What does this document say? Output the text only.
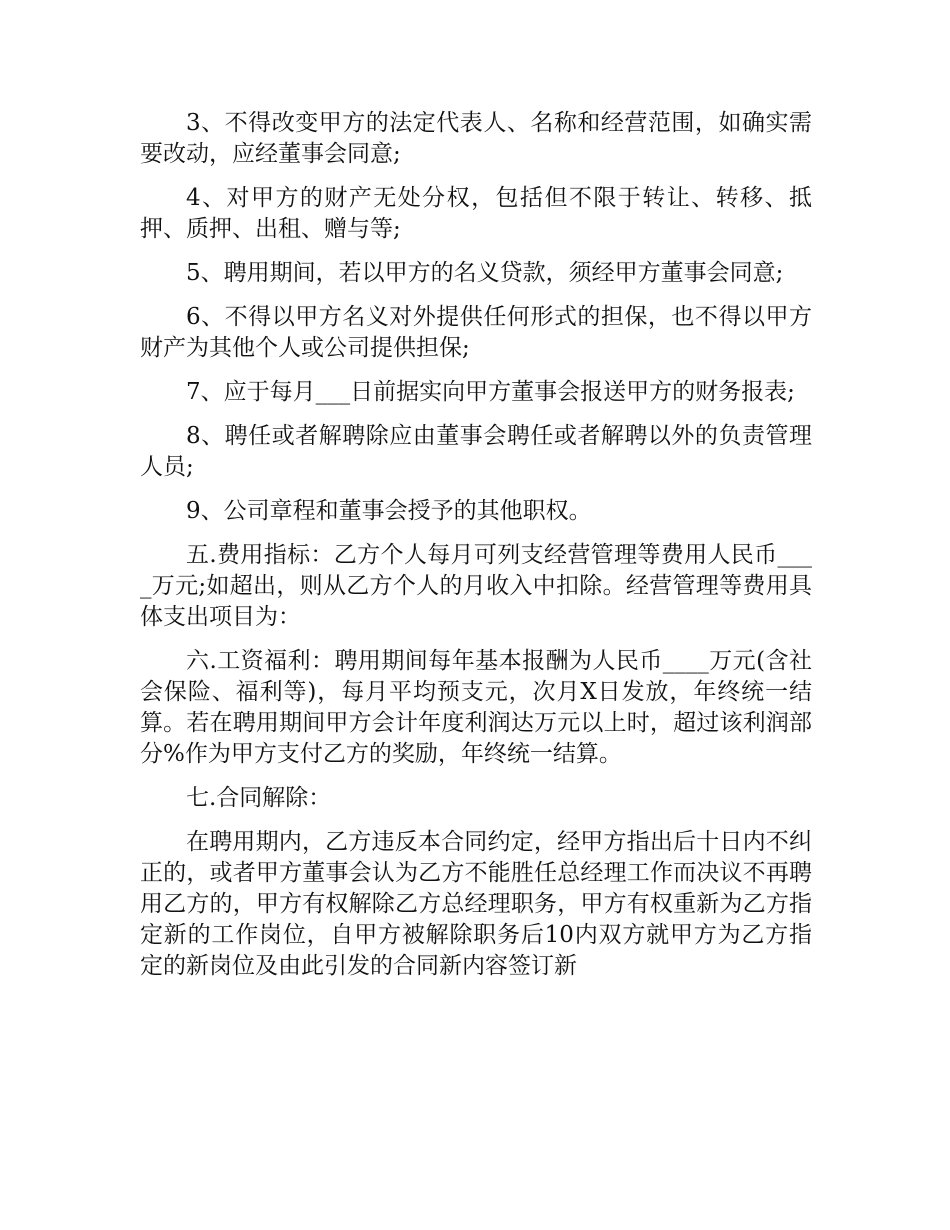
3、不得改变甲方的法定代表人、名称和经营范围，如确实需要改动，应经董事会同意;

4、对甲方的财产无处分权，包括但不限于转让、转移、抵押、质押、出租、赠与等;

5、聘用期间，若以甲方的名义贷款，须经甲方董事会同意;

6、不得以甲方名义对外提供任何形式的担保，也不得以甲方财产为其他个人或公司提供担保;

7、应于每月___日前据实向甲方董事会报送甲方的财务报表;

8、聘任或者解聘除应由董事会聘任或者解聘以外的负责管理人员;

9、公司章程和董事会授予的其他职权。

五.费用指标：乙方个人每月可列支经营管理等费用人民币____万元;如超出，则从乙方个人的月收入中扣除。经营管理等费用具体支出项目为：

六.工资福利：聘用期间每年基本报酬为人民币____万元(含社会保险、福利等)，每月平均预支元，次月X日发放，年终统一结算。若在聘用期间甲方会计年度利润达万元以上时，超过该利润部分%作为甲方支付乙方的奖励，年终统一结算。

七.合同解除：

在聘用期内，乙方违反本合同约定，经甲方指出后十日内不纠正的，或者甲方董事会认为乙方不能胜任总经理工作而决议不再聘用乙方的，甲方有权解除乙方总经理职务，甲方有权重新为乙方指定新的工作岗位，自甲方被解除职务后10内双方就甲方为乙方指定的新岗位及由此引发的合同新内容签订新
